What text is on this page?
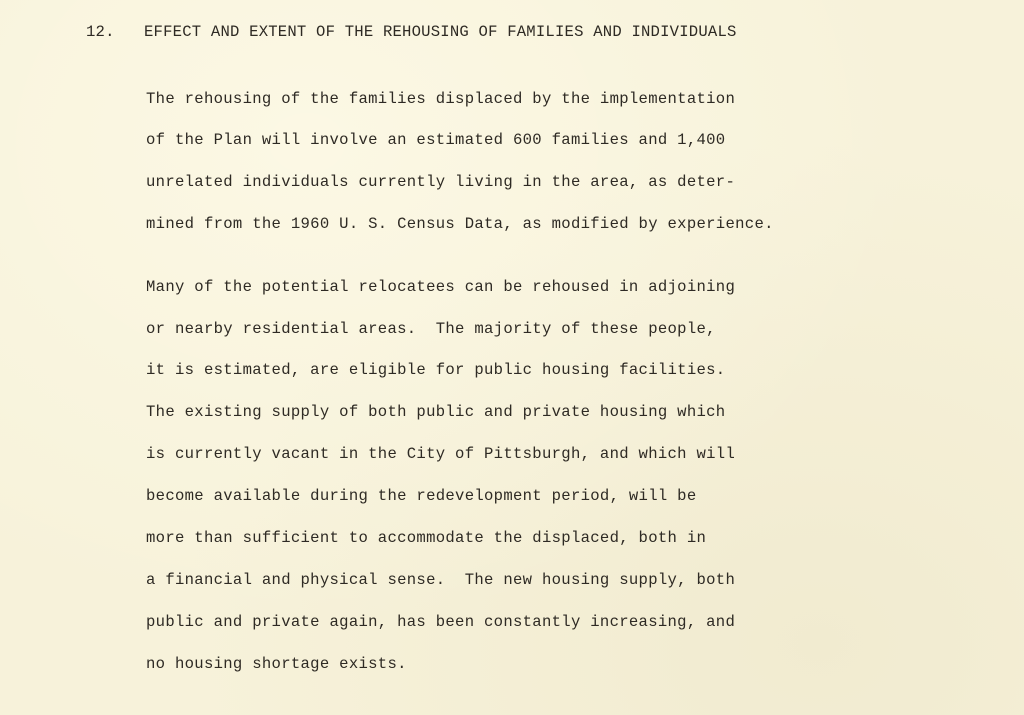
12. EFFECT AND EXTENT OF THE REHOUSING OF FAMILIES AND INDIVIDUALS
The rehousing of the families displaced by the implementation
of the Plan will involve an estimated 600 families and 1,400
unrelated individuals currently living in the area, as deter-
mined from the 1960 U. S. Census Data, as modified by experience.
Many of the potential relocatees can be rehoused in adjoining
or nearby residential areas.  The majority of these people,
it is estimated, are eligible for public housing facilities.
The existing supply of both public and private housing which
is currently vacant in the City of Pittsburgh, and which will
become available during the redevelopment period, will be
more than sufficient to accommodate the displaced, both in
a financial and physical sense.  The new housing supply, both
public and private again, has been constantly increasing, and
no housing shortage exists.
